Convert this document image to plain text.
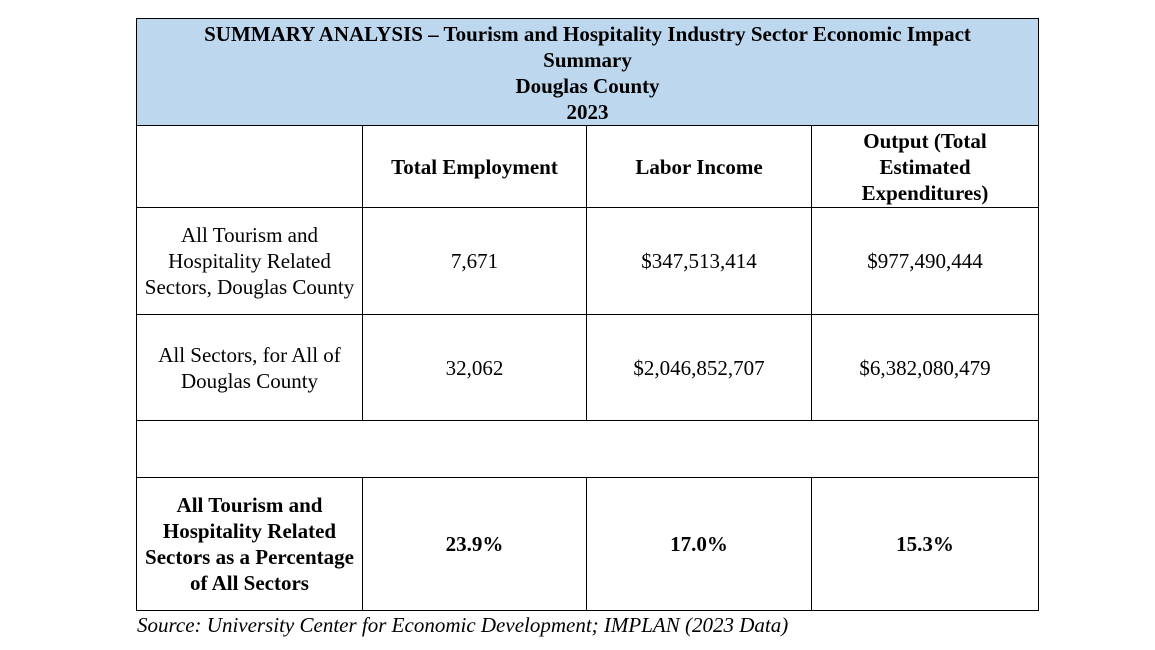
SUMMARY ANALYSIS – Tourism and Hospitality Industry Sector Economic Impact
Summary
Douglas County
2023			

	Total Employment	Labor Income	Output (Total Estimated Expenditures)
All Tourism and Hospitality Related Sectors, Douglas County	7,671	$347,513,414	$977,490,444
All Sectors, for All of Douglas County	32,062	$2,046,852,707	$6,382,080,479

All Tourism and Hospitality Related Sectors as a Percentage of All Sectors	23.9%	17.0%	15.3%
Source: University Center for Economic Development; IMPLAN (2023 Data)
